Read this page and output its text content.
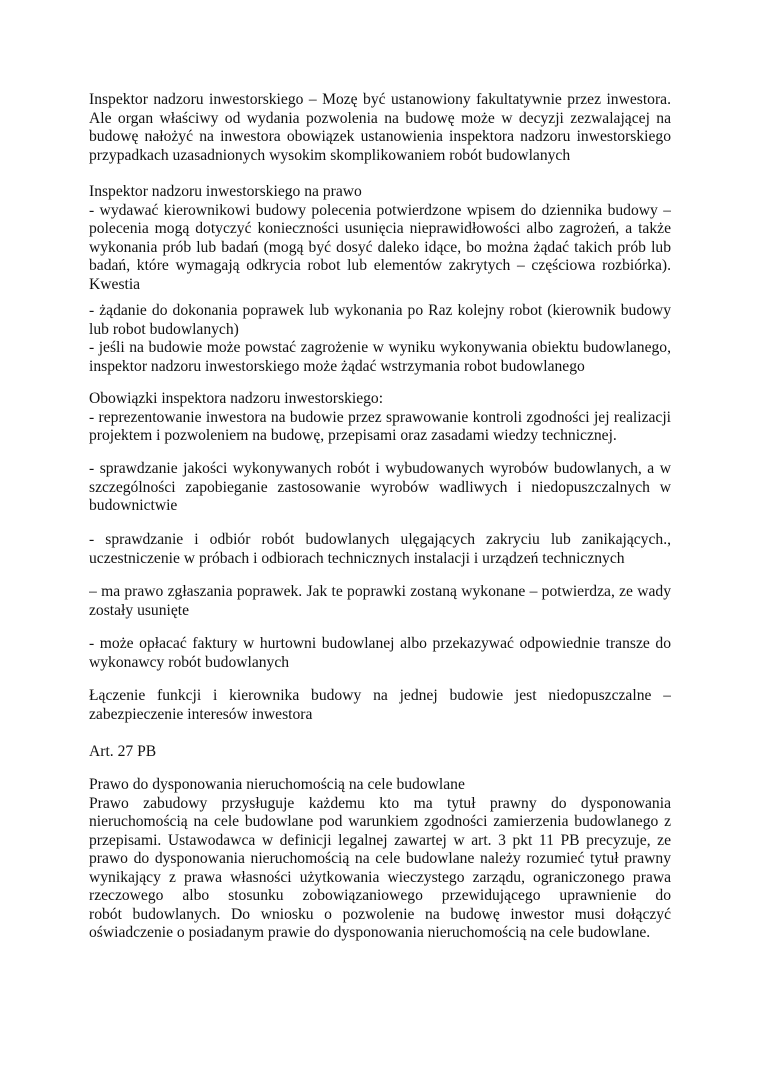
Inspektor nadzoru inwestorskiego – Mozę być ustanowiony fakultatywnie przez inwestora.
Ale organ właściwy od wydania pozwolenia na budowę może w decyzji zezwalającej na
budowę nałożyć na inwestora obowiązek ustanowienia inspektora nadzoru inwestorskiego
przypadkach uzasadnionych wysokim skomplikowaniem robót budowlanych
Inspektor nadzoru inwestorskiego na prawo
- wydawać kierownikowi budowy polecenia potwierdzone wpisem do dziennika budowy –
polecenia mogą dotyczyć konieczności usunięcia nieprawidłowości albo zagrożeń, a także
wykonania prób lub badań (mogą być dosyć daleko idące, bo można żądać takich prób lub
badań, które wymagają odkrycia robot lub elementów zakrytych – częściowa rozbiórka).
Kwestia
- żądanie do dokonania poprawek lub wykonania po Raz kolejny robot (kierownik budowy
lub robot budowlanych)
- jeśli na budowie może powstać zagrożenie w wyniku wykonywania obiektu budowlanego,
inspektor nadzoru inwestorskiego może żądać wstrzymania robot budowlanego
Obowiązki inspektora nadzoru inwestorskiego:
- reprezentowanie inwestora na budowie przez sprawowanie kontroli zgodności jej realizacji
projektem i pozwoleniem na budowę, przepisami oraz zasadami wiedzy technicznej.
- sprawdzanie jakości wykonywanych robót i wybudowanych wyrobów budowlanych, a w
szczególności zapobieganie zastosowanie wyrobów wadliwych i niedopuszczalnych w
budownictwie
- sprawdzanie i odbiór robót budowlanych ulęgających zakryciu lub zanikających.,
uczestniczenie w próbach i odbiorach technicznych instalacji i urządzeń technicznych
– ma prawo zgłaszania poprawek. Jak te poprawki zostaną wykonane – potwierdza, ze wady
zostały usunięte
- może opłacać faktury w hurtowni budowlanej albo przekazywać odpowiednie transze do
wykonawcy robót budowlanych
Łączenie funkcji i kierownika budowy na jednej budowie jest niedopuszczalne –
zabezpieczenie interesów inwestora
Art. 27 PB
Prawo do dysponowania nieruchomością na cele budowlane
Prawo zabudowy przysługuje każdemu kto ma tytuł prawny do dysponowania
nieruchomością na cele budowlane pod warunkiem zgodności zamierzenia budowlanego z
przepisami. Ustawodawca w definicji legalnej zawartej w art. 3 pkt 11 PB precyzuje, ze
prawo do dysponowania nieruchomością na cele budowlane należy rozumieć tytuł prawny
wynikający z prawa własności użytkowania wieczystego zarządu, ograniczonego prawa
rzeczowego albo stosunku zobowiązaniowego przewidującego uprawnienie do
robót budowlanych. Do wniosku o pozwolenie na budowę inwestor musi dołączyć
oświadczenie o posiadanym prawie do dysponowania nieruchomością na cele budowlane.
